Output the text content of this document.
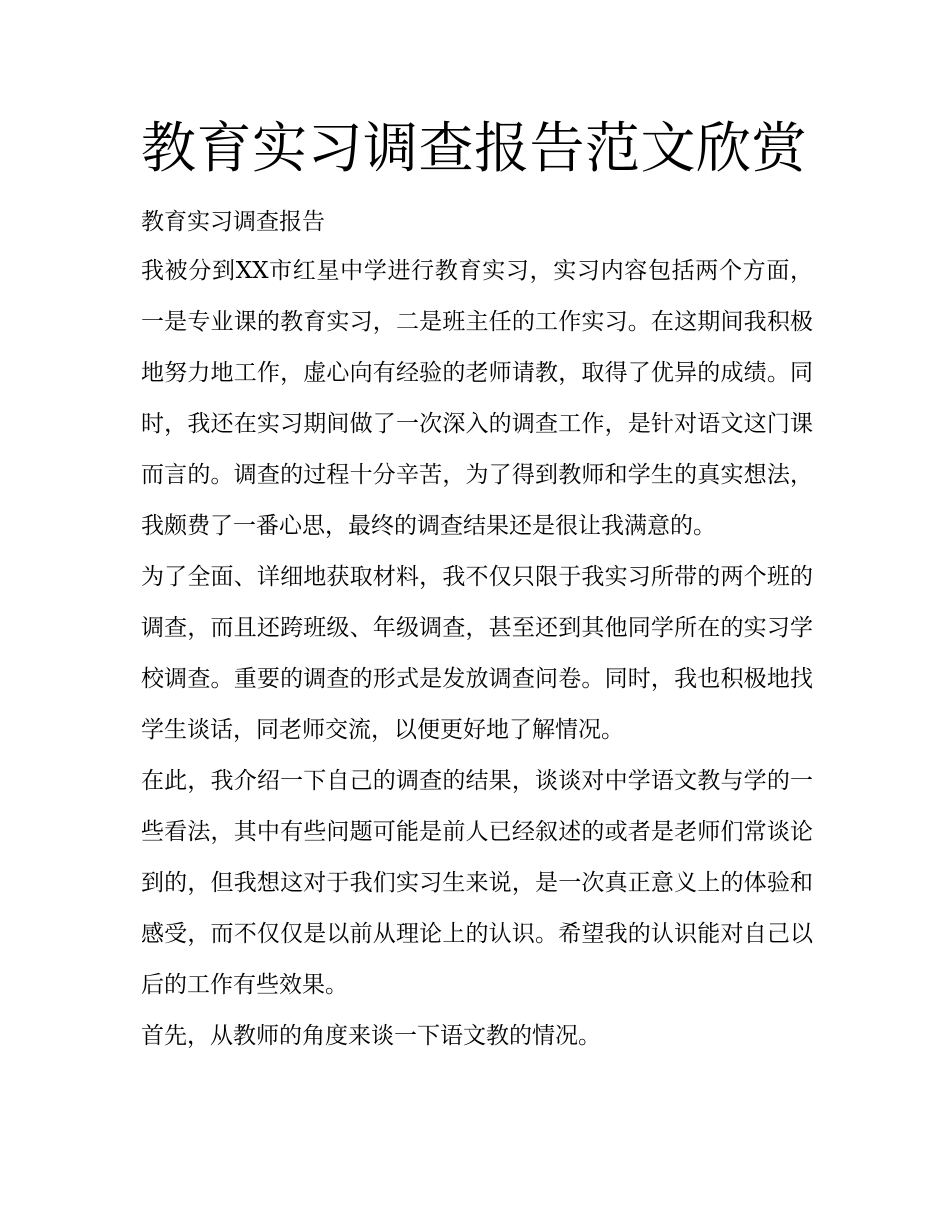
教育实习调查报告范文欣赏
教育实习调查报告

我被分到XX市红星中学进行教育实习，实习内容包括两个方面，一是专业课的教育实习，二是班主任的工作实习。在这期间我积极地努力地工作，虚心向有经验的老师请教，取得了优异的成绩。同时，我还在实习期间做了一次深入的调查工作，是针对语文这门课而言的。调查的过程十分辛苦，为了得到教师和学生的真实想法，我颇费了一番心思，最终的调查结果还是很让我满意的。

为了全面、详细地获取材料，我不仅只限于我实习所带的两个班的调查，而且还跨班级、年级调查，甚至还到其他同学所在的实习学校调查。重要的调查的形式是发放调查问卷。同时，我也积极地找学生谈话，同老师交流，以便更好地了解情况。

在此，我介绍一下自己的调查的结果，谈谈对中学语文教与学的一些看法，其中有些问题可能是前人已经叙述的或者是老师们常谈论到的，但我想这对于我们实习生来说，是一次真正意义上的体验和感受，而不仅仅是以前从理论上的认识。希望我的认识能对自己以后的工作有些效果。

首先，从教师的角度来谈一下语文教的情况。
